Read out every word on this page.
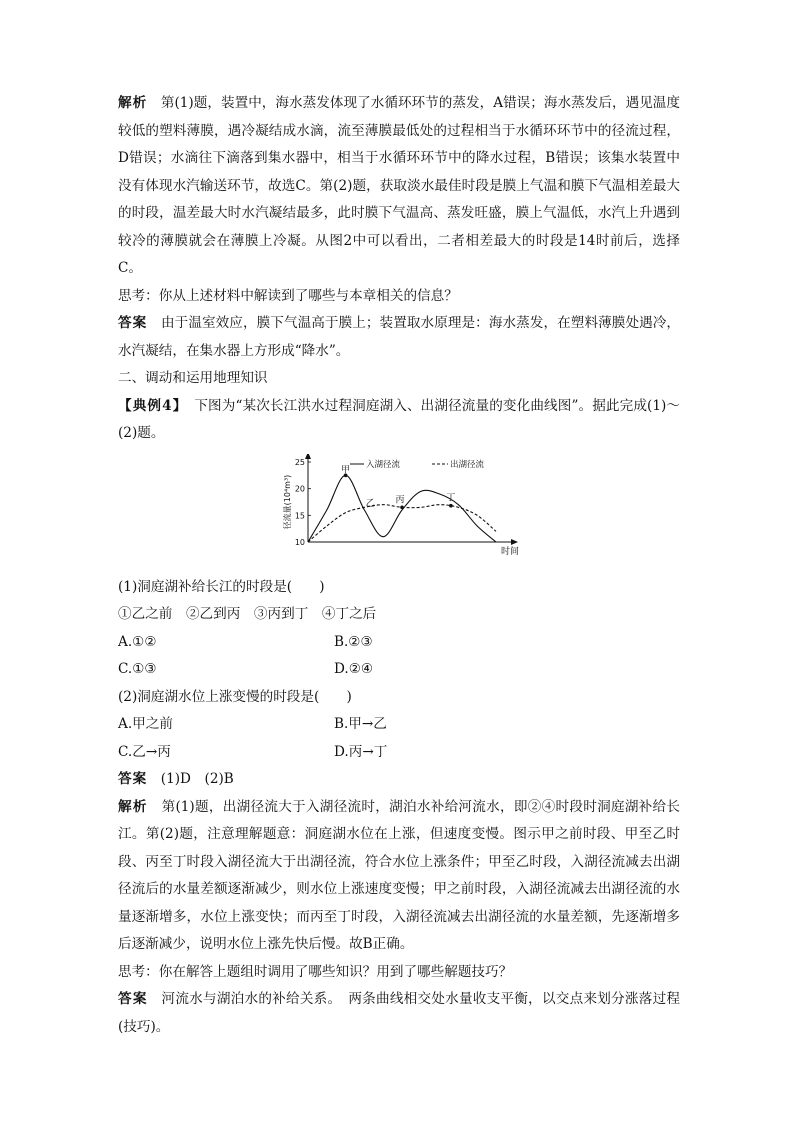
解析　 第(1)题，装置中，海水蒸发体现了水循环环节的蒸发，A错误；海水蒸发后，遇见温度较低的塑料薄膜，遇冷凝结成水滴，流至薄膜最低处的过程相当于水循环环节中的径流过程，D错误；水滴往下滴落到集水器中，相当于水循环环节中的降水过程，B错误；该集水装置中没有体现水汽输送环节，故选C。第(2)题，获取淡水最佳时段是膜上气温和膜下气温相差最大的时段，温差最大时水汽凝结最多，此时膜下气温高、蒸发旺盛，膜上气温低，水汽上升遇到较冷的薄膜就会在薄膜上冷凝。从图2中可以看出，二者相差最大的时段是14时前后，选择C。

思考：你从上述材料中解读到了哪些与本章相关的信息？

答案　 由于温室效应，膜下气温高于膜上；装置取水原理是：海水蒸发，在塑料薄膜处遇冷，水汽凝结，在集水器上方形成“降水”。

二、调动和运用地理知识

【典例4】　 下图为“某次长江洪水过程洞庭湖入、出湖径流量的变化曲线图”。据此完成(1)～(2)题。

25
20
15
10
径流量(10⁴m³)
时间
入湖径流	出湖径流
甲
乙 丙	丁

(1)洞庭湖补给长江的时段是(　　)

①乙之前　②乙到丙　③丙到丁　④丁之后

A.①②	B.②③
C.①③	D.②④

(2)洞庭湖水位上涨变慢的时段是(　　)

A.甲之前	B.甲→乙
C.乙→丙	D.丙→丁

答案　 (1)D　(2)B

解析　 第(1)题，出湖径流大于入湖径流时，湖泊水补给河流水，即②④时段时洞庭湖补给长江。第(2)题，注意理解题意：洞庭湖水位在上涨，但速度变慢。图示甲之前时段、甲至乙时段、丙至丁时段入湖径流大于出湖径流，符合水位上涨条件；甲至乙时段，入湖径流减去出湖径流后的水量差额逐渐减少，则水位上涨速度变慢；甲之前时段，入湖径流减去出湖径流的水量逐渐增多，水位上涨变快；而丙至丁时段，入湖径流减去出湖径流的水量差额，先逐渐增多后逐渐减少，说明水位上涨先快后慢。故B正确。

思考：你在解答上题组时调用了哪些知识？用到了哪些解题技巧？

答案　 河流水与湖泊水的补给关系。　两条曲线相交处水量收支平衡，以交点来划分涨落过程(技巧)。
